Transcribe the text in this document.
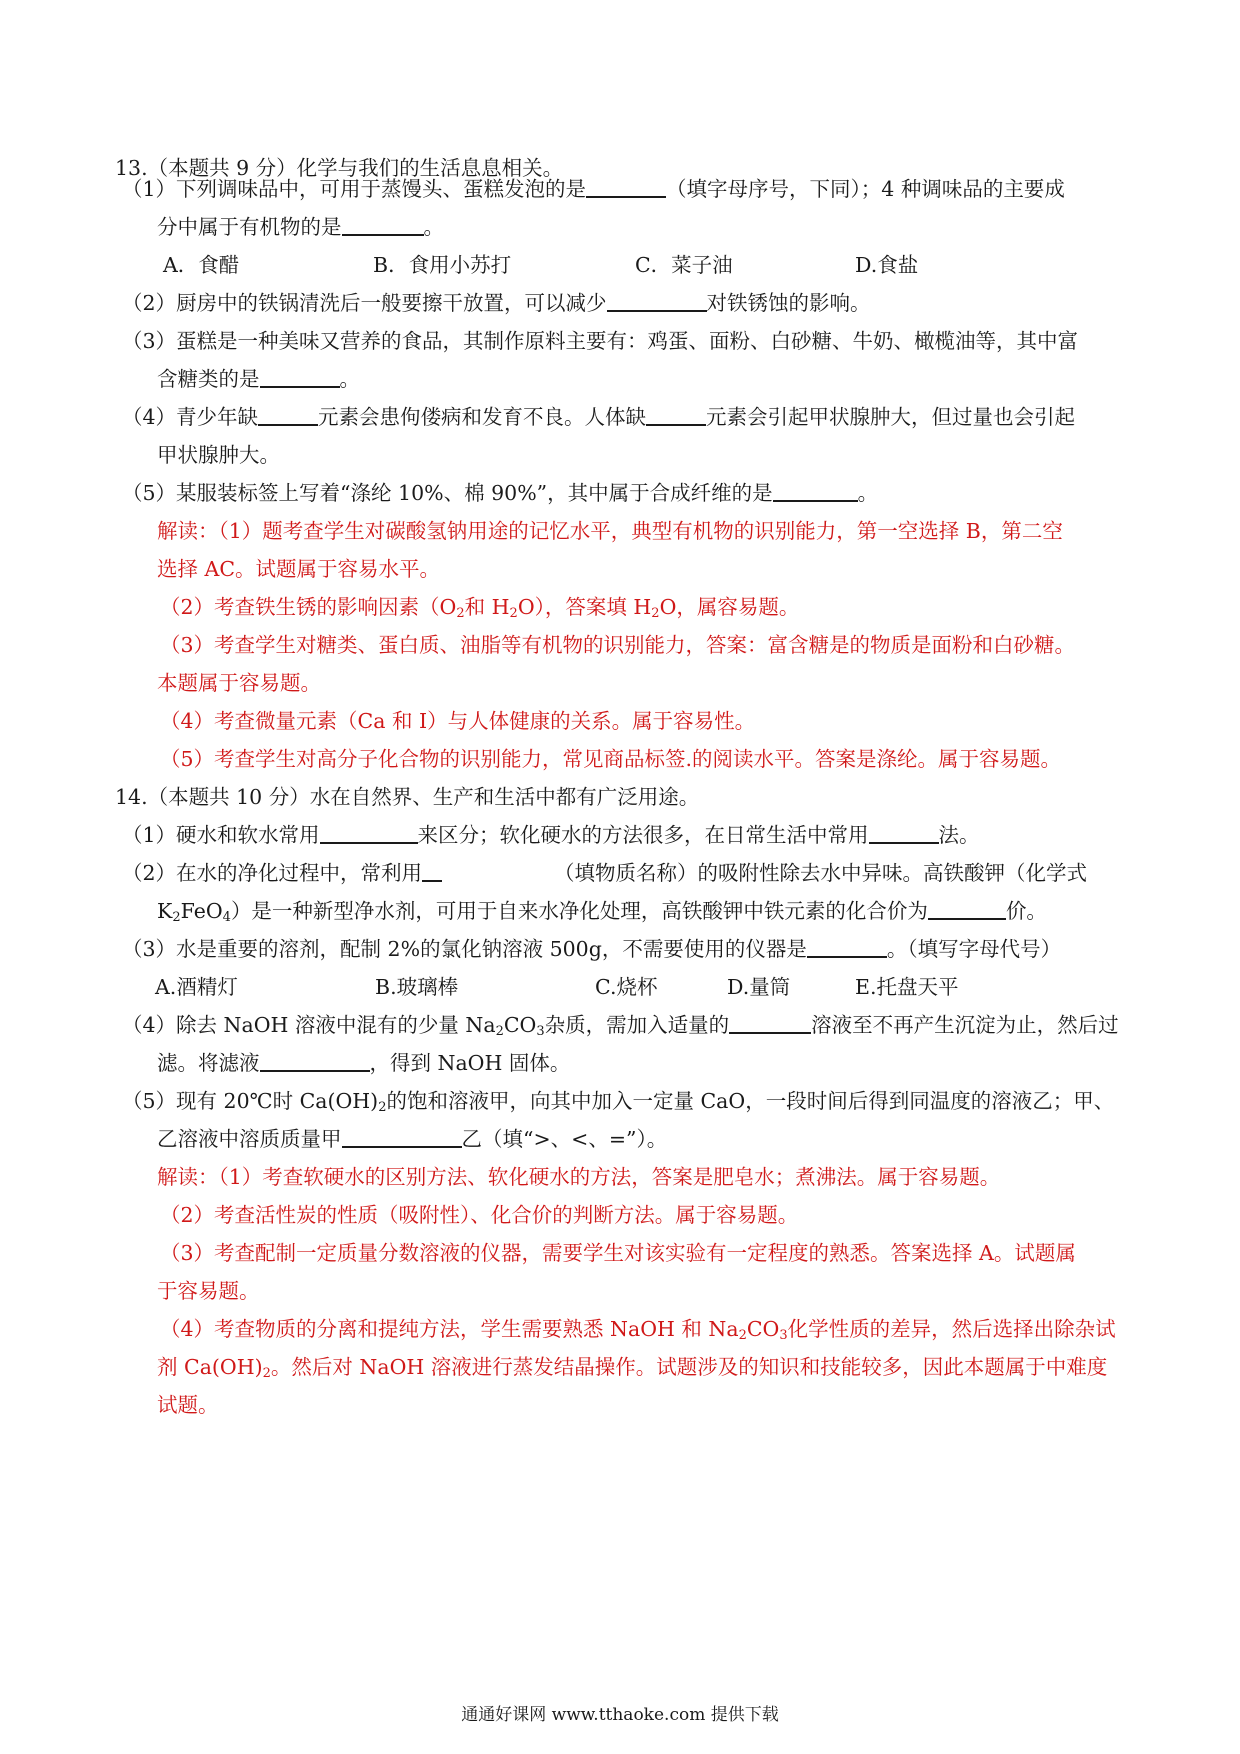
13.（本题共 9 分）化学与我们的生活息息相关。
（1）下列调味品中，可用于蒸馒头、蛋糕发泡的是	（填字母序号，下同）；4 种调味品的主要成
分中属于有机物的是	。
A．食醋	B．食用小苏打	C．菜子油	D.食盐
（2）厨房中的铁锅清洗后一般要擦干放置，可以减少	对铁锈蚀的影响。
（3）蛋糕是一种美味又营养的食品，其制作原料主要有：鸡蛋、面粉、白砂糖、牛奶、橄榄油等，其中富
含糖类的是	。
（4）青少年缺	元素会患佝偻病和发育不良。人体缺	元素会引起甲状腺肿大，但过量也会引起
甲状腺肿大。
（5）某服装标签上写着“涤纶 10%、棉 90%”，其中属于合成纤维的是	。
解读：（1）题考查学生对碳酸氢钠用途的记忆水平，典型有机物的识别能力，第一空选择 B，第二空
选择 AC。试题属于容易水平。
（2）考查铁生锈的影响因素（$O_2$和 $H_2O$），答案填 $H_2O$，属容易题。
（3）考查学生对糖类、蛋白质、油脂等有机物的识别能力，答案：富含糖是的物质是面粉和白砂糖。
本题属于容易题。
（4）考查微量元素（Ca 和 I）与人体健康的关系。属于容易性。
（5）考查学生对高分子化合物的识别能力，常见商品标签.的阅读水平。答案是涤纶。属于容易题。
14.（本题共 10 分）水在自然界、生产和生活中都有广泛用途。
（1）硬水和软水常用	来区分；软化硬水的方法很多，在日常生活中常用	法。
（2）在水的净化过程中，常利用	（填物质名称）的吸附性除去水中异味。高铁酸钾（化学式
$K_2FeO_4$）是一种新型净水剂，可用于自来水净化处理，高铁酸钾中铁元素的化合价为	价。
（3）水是重要的溶剂，配制 2%的氯化钠溶液 500g，不需要使用的仪器是	。（填写字母代号）
A.酒精灯	B.玻璃棒	C.烧杯	D.量筒	E.托盘天平
（4）除去 NaOH 溶液中混有的少量 $Na_2CO_3$杂质，需加入适量的	溶液至不再产生沉淀为止，然后过
滤。将滤液	，得到 NaOH 固体。
（5）现有 20℃时 $Ca(OH)_2$的饱和溶液甲，向其中加入一定量 CaO，一段时间后得到同温度的溶液乙；甲、
乙溶液中溶质质量甲	乙（填“>、<、=”）。
解读：（1）考查软硬水的区别方法、软化硬水的方法，答案是肥皂水；煮沸法。属于容易题。
（2）考查活性炭的性质（吸附性）、化合价的判断方法。属于容易题。
（3）考查配制一定质量分数溶液的仪器，需要学生对该实验有一定程度的熟悉。答案选择 A。试题属
于容易题。
（4）考查物质的分离和提纯方法，学生需要熟悉 NaOH 和 $Na_2CO_3$化学性质的差异，然后选择出除杂试
剂 $Ca(OH)_2$。然后对 NaOH 溶液进行蒸发结晶操作。试题涉及的知识和技能较多，因此本题属于中难度
试题。
通通好课网 www.tthaoke.com 提供下载
